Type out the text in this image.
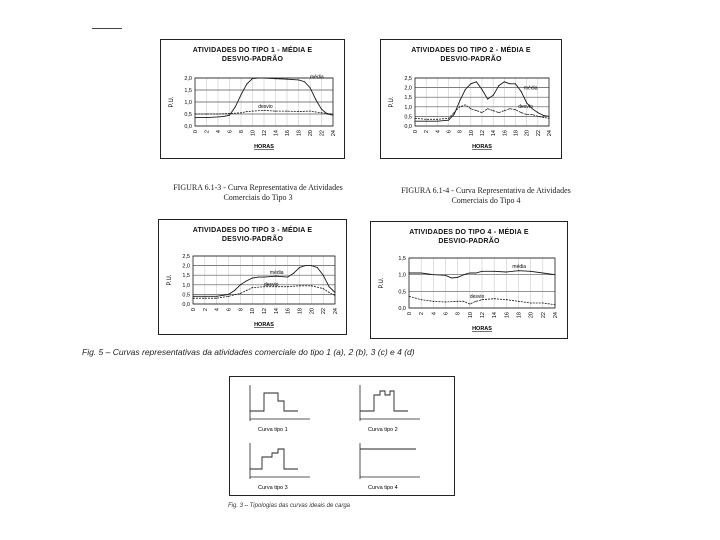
ATIVIDADES DO TIPO 1 - MÉDIA E DESVIO-PADRÃO
0,0
0,5
1,0
1,5
2,0
0 2 4 6 8 10 12 14 16 18 20 22 24
P.U.
HORAS
média
desvio
ATIVIDADES DO TIPO 2 - MÉDIA E DESVIO-PADRÃO
0,0
0,5
1,0
1,5
2,0
2,5
0 2 4 6 8 10 12 14 16 18 20 22 24
P.U.
HORAS
média
desvio
FIGURA 6.1-3 - Curva Representativa de Atividades Comerciais do Tipo 3
FIGURA 6.1-4 - Curva Representativa de Atividades Comerciais do Tipo 4
ATIVIDADES DO TIPO 3 - MÉDIA E DESVIO-PADRÃO
0,0
0,5
1,0
1,5
2,0
2,5
0 2 4 6 8 10 12 14 16 18 20 22 24
P.U.
HORAS
média
desvio
ATIVIDADES DO TIPO 4 - MÉDIA E DESVIO-PADRÃO
0,0
0,5
1,0
1,5
0 2 4 6 8 10 12 14 16 18 20 22 24
P.U.
HORAS
média
desvio
Fig. 5 – Curvas representativas da atividades comerciale do tipo 1 (a), 2 (b), 3 (c) e 4 (d)
Curva tipo 1	Curva tipo 2
Curva tipo 3	Curva tipo 4
Fig. 3 – Tipologias das curvas ideais de carga
